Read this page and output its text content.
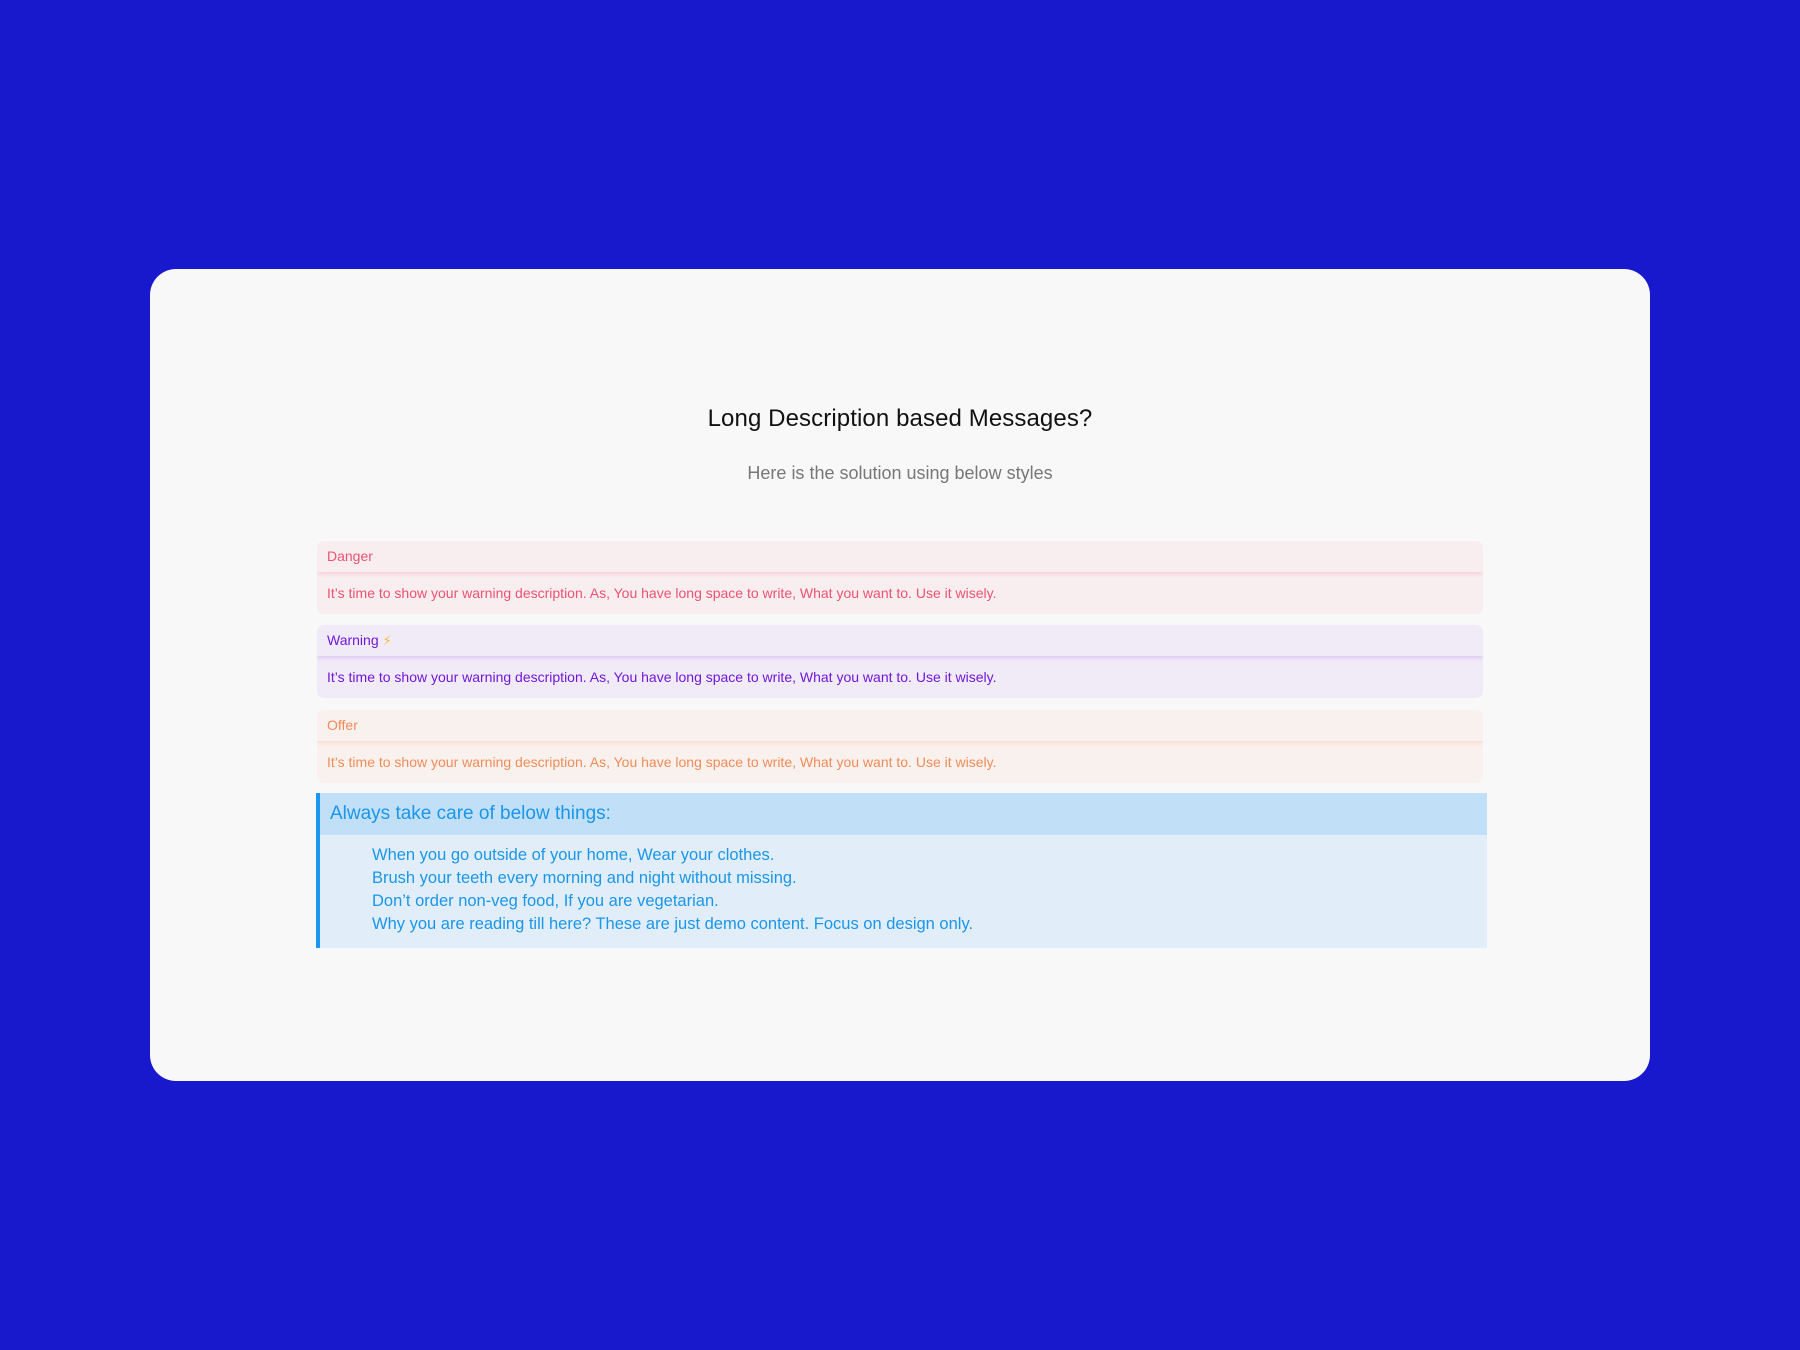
Long Description based Messages?
Here is the solution using below styles
Danger
It’s time to show your warning description. As, You have long space to write, What you want to. Use it wisely.
Warning ⚡
It’s time to show your warning description. As, You have long space to write, What you want to. Use it wisely.
Offer
It’s time to show your warning description. As, You have long space to write, What you want to. Use it wisely.
Always take care of below things:
When you go outside of your home, Wear your clothes.
Brush your teeth every morning and night without missing.
Don’t order non-veg food, If you are vegetarian.
Why you are reading till here? These are just demo content. Focus on design only.
